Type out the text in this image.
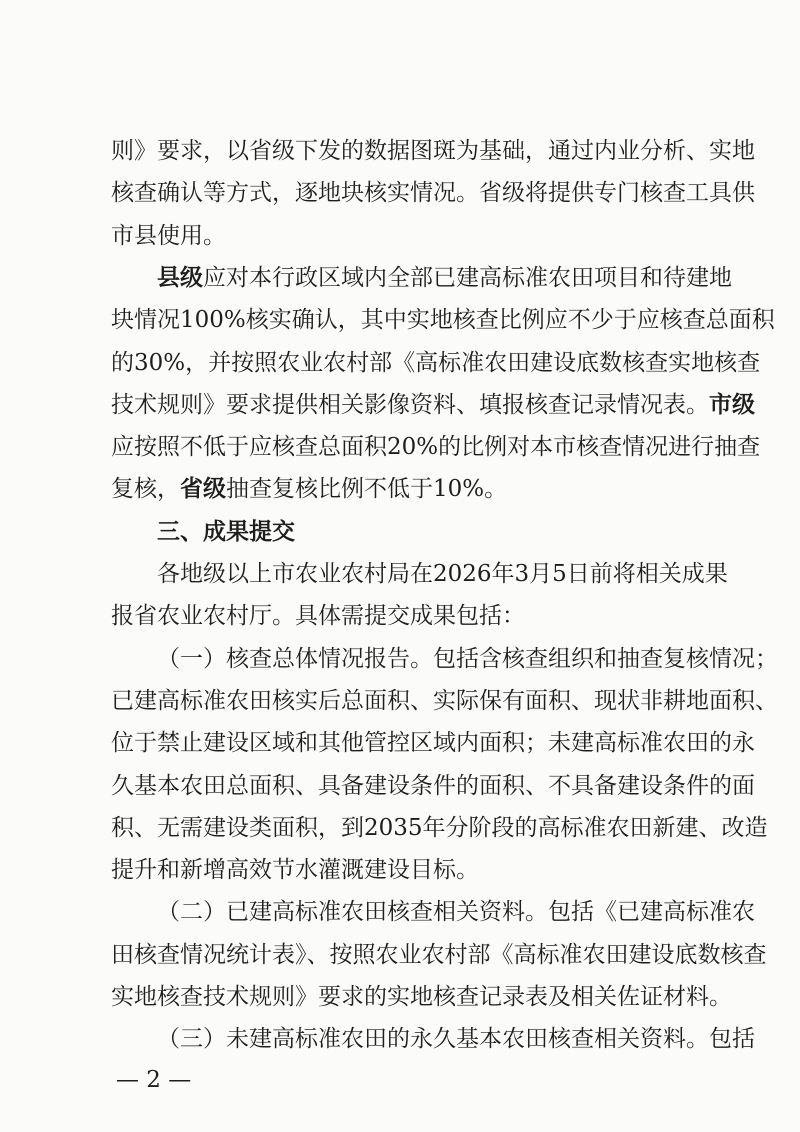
则》要求，以省级下发的数据图斑为基础，通过内业分析、实地
核查确认等方式，逐地块核实情况。省级将提供专门核查工具供
市县使用。
县级应对本行政区域内全部已建高标准农田项目和待建地
块情况100%核实确认，其中实地核查比例应不少于应核查总面积
的30%，并按照农业农村部《高标准农田建设底数核查实地核查
技术规则》要求提供相关影像资料、填报核查记录情况表。市级
应按照不低于应核查总面积20%的比例对本市核查情况进行抽查
复核，省级抽查复核比例不低于10%。
三、成果提交
各地级以上市农业农村局在2026年3月5日前将相关成果
报省农业农村厅。具体需提交成果包括：
（一）核查总体情况报告。包括含核查组织和抽查复核情况；
已建高标准农田核实后总面积、实际保有面积、现状非耕地面积、
位于禁止建设区域和其他管控区域内面积；未建高标准农田的永
久基本农田总面积、具备建设条件的面积、不具备建设条件的面
积、无需建设类面积，到2035年分阶段的高标准农田新建、改造
提升和新增高效节水灌溉建设目标。
（二）已建高标准农田核查相关资料。包括《已建高标准农
田核查情况统计表》、按照农业农村部《高标准农田建设底数核查
实地核查技术规则》要求的实地核查记录表及相关佐证材料。
（三）未建高标准农田的永久基本农田核查相关资料。包括
— 2 —
